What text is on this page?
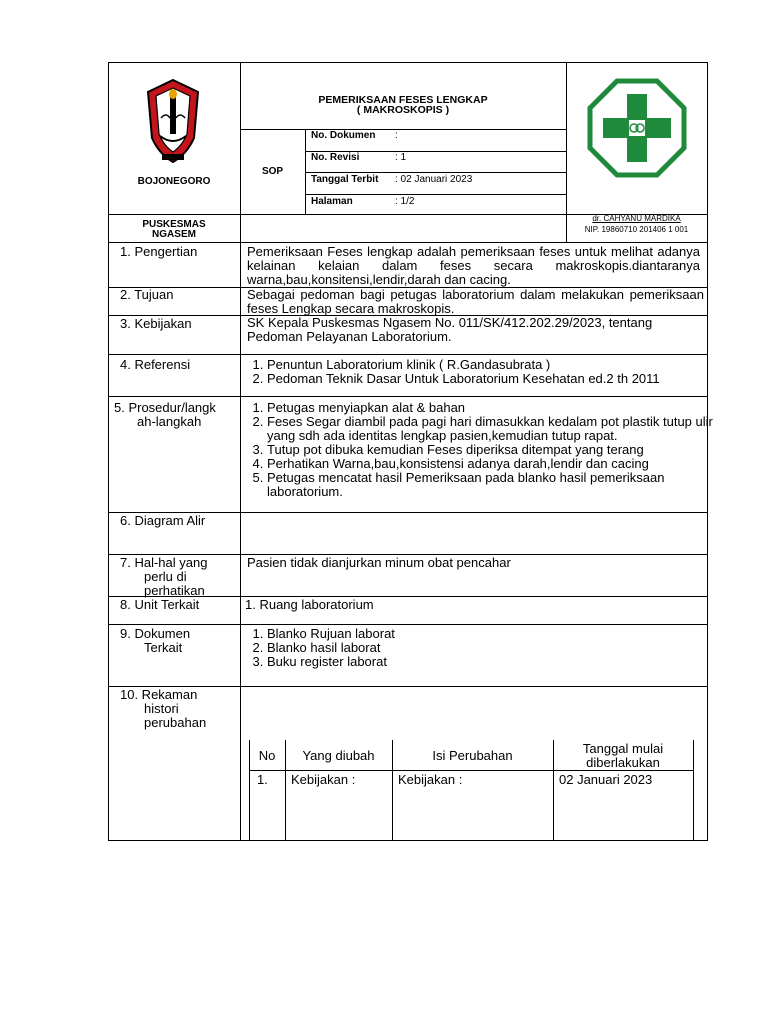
BOJONEGORO
PEMERIKSAAN FESES LENGKAP
( MAKROSKOPIS )
SOP
No. Dokumen :
No. Revisi	: 1
Tanggal Terbit : 02 Januari 2023
Halaman	: 1/2
PUSKESMAS
NGASEM
dr. CAHYANU MARDIKA
NIP. 19860710 201406 1 001
1. Pengertian	Pemeriksaan Feses lengkap adalah pemeriksaan feses untuk melihat adanya kelainan kelaian dalam feses secara makroskopis.diantaranya warna,bau,konsitensi,lendir,darah dan cacing.
2. Tujuan	Sebagai pedoman bagi petugas laboratorium dalam melakukan pemeriksaan feses Lengkap secara makroskopis.
3. Kebijakan	SK Kepala Puskesmas Ngasem No. 011/SK/412.202.29/2023, tentang Pedoman Pelayanan Laboratorium.
4. Referensi
1.	Penuntun Laboratorium klinik ( R.Gandasubrata )
2. Pedoman Teknik Dasar Untuk Laboratorium Kesehatan ed.2 th 2011
5. Prosedur/langk
ah-langkah
1. Petugas menyiapkan alat & bahan
2. Feses Segar diambil pada pagi hari dimasukkan kedalam pot plastik tutup ulir yang sdh ada identitas lengkap pasien,kemudian tutup rapat.
3. Tutup pot dibuka kemudian Feses diperiksa ditempat yang terang
4. Perhatikan Warna,bau,konsistensi adanya darah,lendir dan cacing
5. Petugas mencatat hasil Pemeriksaan pada blanko hasil pemeriksaan laboratorium.
6. Diagram Alir
7. Hal-hal yang
perlu di
perhatikan
Pasien tidak dianjurkan minum obat pencahar
8. Unit Terkait	1. Ruang laboratorium
9. Dokumen
Terkait
1. Blanko Rujuan laborat
2. Blanko hasil laborat
3. Buku register laborat
10. Rekaman
histori
perubahan
No	Yang diubah	Isi Perubahan	Tanggal mulai
diberlakukan
1. Kebijakan :	Kebijakan :	02 Januari 2023
